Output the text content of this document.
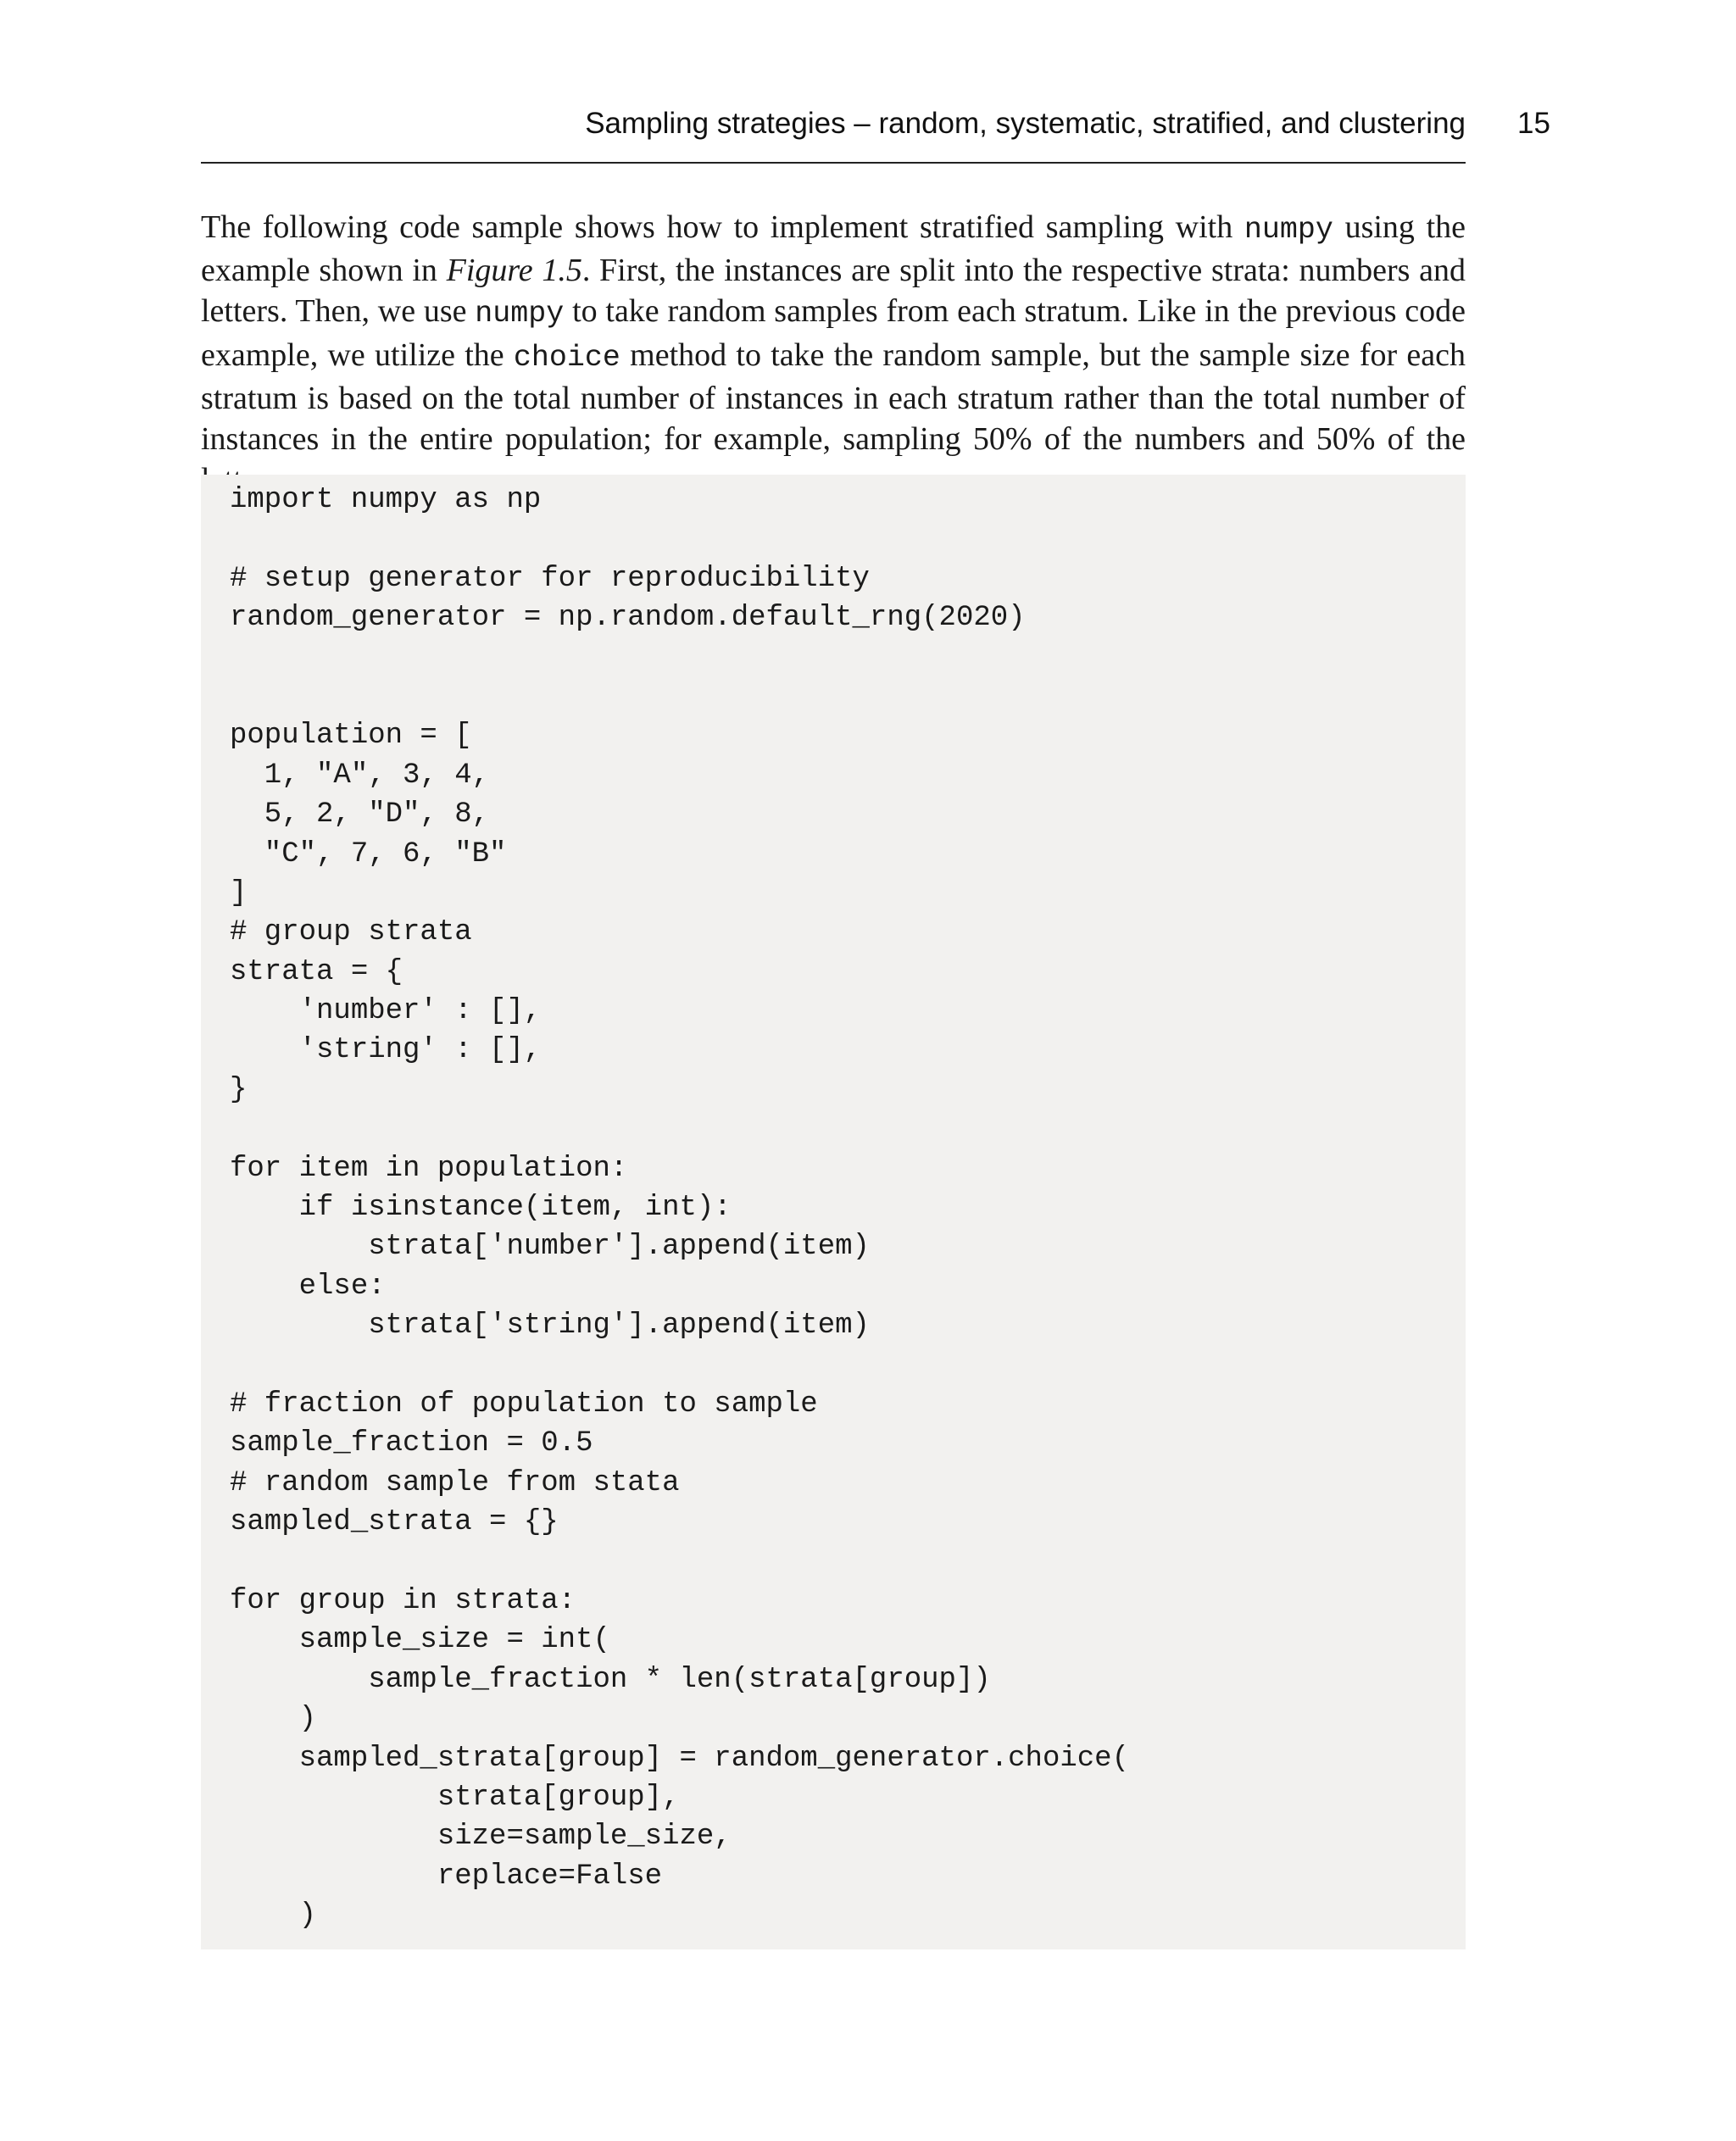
Sampling strategies – random, systematic, stratified, and clustering 15

The following code sample shows how to implement stratified sampling with numpy using the example shown in Figure 1.5. First, the instances are split into the respective strata: numbers and letters. Then, we use numpy to take random samples from each stratum. Like in the previous code example, we utilize the choice method to take the random sample, but the sample size for each stratum is based on the total number of instances in each stratum rather than the total number of instances in the entire population; for example, sampling 50% of the numbers and 50% of the

import numpy as np
# setup generator for reproducibility
random_generator = np.random.default_rng(2020)
population = [
1, "A", 3, 4,
5, 2, "D", 8,
"C", 7, 6, "B"
]
# group strata
strata = {
'number' : [],
'string' : [],
}
for item in population:
if isinstance(item, int):
strata['number'].append(item)
else:
strata['string'].append(item)
# fraction of population to sample
sample_fraction = 0.5
# random sample from stata
sampled_strata = {}
for group in strata:
sample_size = int(
sample_fraction * len(strata[group])
)
sampled_strata[group] = random_generator.choice(
strata[group],
size=sample_size,
replace=False
)
